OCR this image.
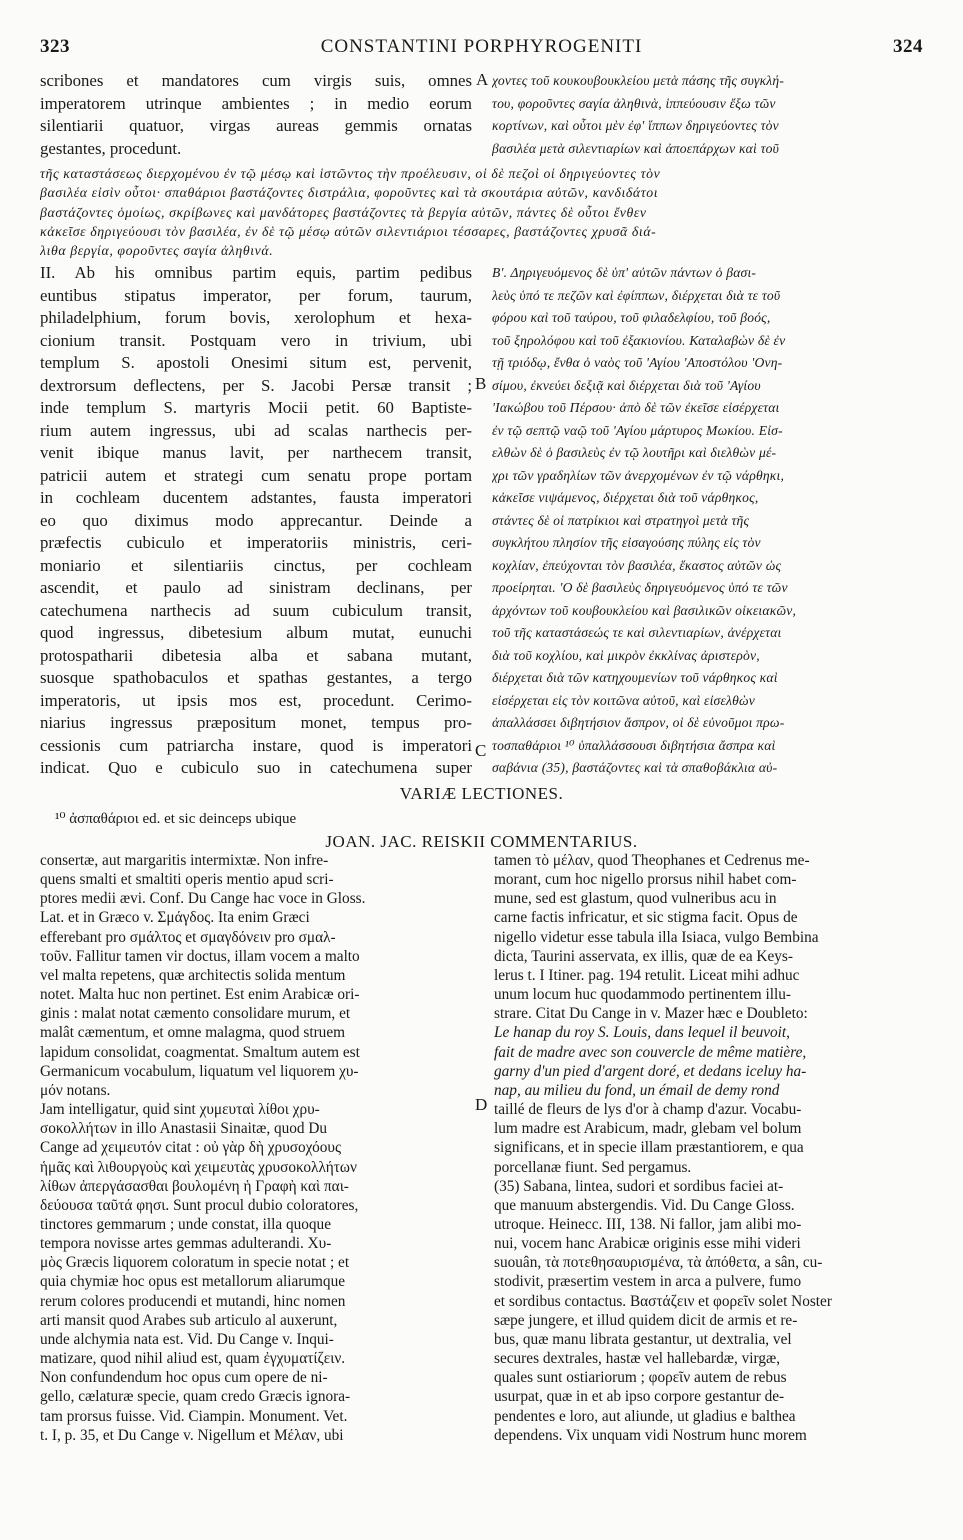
323	CONSTANTINI PORPHYROGENITI	324
scribones et mandatores cum virgis suis, omnes
imperatorem utrinque ambientes ; in medio eorum
silentiarii quatuor, virgas aureas gemmis ornatas
gestantes, procedunt.
χοντες τοῦ κουκουβουκλείου μετὰ πάσης τῆς συγκλή-
του, φοροῦντες σαγία ἀληθινὰ, ἱππεύουσιν ἔξω τῶν
κορτίνων, καὶ οὗτοι μὲν ἐφ' ἵππων δηριγεύοντες τὸν
βασιλέα μετὰ σιλεντιαρίων καὶ ἀποεπάρχων καὶ τοῦ
A
τῆς καταστάσεως διερχομένου ἐν τῷ μέσῳ καὶ ἱστῶντος τὴν προέλευσιν, οἱ δὲ πεζοὶ οἱ δηριγεύοντες τὸν
βασιλέα εἰσὶν οὗτοι· σπαθάριοι βαστάζοντες διστράλια, φοροῦντες καὶ τὰ σκουτάρια αὐτῶν, κανδιδάτοι
βαστάζοντες ὁμοίως, σκρίβωνες καὶ μανδάτορες βαστάζοντες τὰ βεργία αὐτῶν, πάντες δὲ οὗτοι ἔνθεν
κἀκεῖσε δηριγεύουσι τὸν βασιλέα, ἐν δὲ τῷ μέσῳ αὐτῶν σιλεντιάριοι τέσσαρες, βαστάζοντες χρυσᾶ διά-
λιθα βεργία, φοροῦντες σαγία ἀληθινά.
II. Ab his omnibus partim equis, partim pedibus
euntibus stipatus imperator, per forum, taurum,
philadelphium, forum bovis, xerolophum et hexa-
cionium transit. Postquam vero in trivium, ubi
templum S. apostoli Onesimi situm est, pervenit,
dextrorsum deflectens, per S. Jacobi Persæ transit ;
inde templum S. martyris Mocii petit. 60 Baptiste-
rium autem ingressus, ubi ad scalas narthecis per-
venit ibique manus lavit, per narthecem transit,
patricii autem et strategi cum senatu prope portam
in cochleam ducentem adstantes, fausta imperatori
eo quo diximus modo apprecantur. Deinde a
præfectis cubiculo et imperatoriis ministris, ceri-
moniario et silentiariis cinctus, per cochleam
ascendit, et paulo ad sinistram declinans, per
catechumena narthecis ad suum cubiculum transit,
quod ingressus, dibetesium album mutat, eunuchi
protospatharii dibetesia alba et sabana mutant,
suosque spathobaculos et spathas gestantes, a tergo
imperatoris, ut ipsis mos est, procedunt. Cerimo-
niarius ingressus præpositum monet, tempus pro-
cessionis cum patriarcha instare, quod is imperatori
indicat. Quo e cubiculo suo in catechumena super
Β'. Δηριγευόμενος δὲ ὑπ' αὐτῶν πάντων ὁ βασι-
λεὺς ὑπό τε πεζῶν καὶ ἐφίππων, διέρχεται διὰ τε τοῦ
φόρου καὶ τοῦ ταύρου, τοῦ φιλαδελφίου, τοῦ βοός,
τοῦ ξηρολόφου καὶ τοῦ ἐξακιονίου. Καταλαβὼν δὲ ἐν
τῇ τριόδῳ, ἔνθα ὁ ναὸς τοῦ 'Αγίου 'Αποστόλου 'Ονη-
σίμου, ἐκνεύει δεξιᾷ καὶ διέρχεται διὰ τοῦ 'Αγίου
'Ιακώβου τοῦ Πέρσου· ἀπὸ δὲ τῶν ἐκεῖσε εἰσέρχεται
ἐν τῷ σεπτῷ ναῷ τοῦ 'Αγίου μάρτυρος Μωκίου. Εἰσ-
ελθὼν δὲ ὁ βασιλεὺς ἐν τῷ λουτῆρι καὶ διελθὼν μέ-
χρι τῶν γραδηλίων τῶν ἀνερχομένων ἐν τῷ νάρθηκι,
κἀκεῖσε νιψάμενος, διέρχεται διὰ τοῦ νάρθηκος,
στάντες δὲ οἱ πατρίκιοι καὶ στρατηγοὶ μετὰ τῆς
συγκλήτου πλησίον τῆς εἰσαγούσης πύλης εἰς τὸν
κοχλίαν, ἐπεύχονται τὸν βασιλέα, ἕκαστος αὐτῶν ὡς
προείρηται. 'Ο δὲ βασιλεὺς δηριγευόμενος ὑπό τε τῶν
ἀρχόντων τοῦ κουβουκλείου καὶ βασιλικῶν οἰκειακῶν,
τοῦ τῆς καταστάσεώς τε καὶ σιλεντιαρίων, ἀνέρχεται
διὰ τοῦ κοχλίου, καὶ μικρὸν ἐκκλίνας ἀριστερὸν,
διέρχεται διὰ τῶν κατηχουμενίων τοῦ νάρθηκος καὶ
εἰσέρχεται εἰς τὸν κοιτῶνα αὐτοῦ, καὶ εἰσελθὼν
ἀπαλλάσσει διβητήσιον ἄσπρον, οἱ δὲ εὐνοῦμοι πρω-
τοσπαθάριοι ¹⁰ ὑπαλλάσσουσι διβητήσια ἄσπρα καὶ
σαβάνια (35), βαστάζοντες καὶ τὰ σπαθοβάκλια αὐ-
B
C
VARIÆ LECTIONES.
¹⁰ ἀσπαθάριοι ed. et sic deinceps ubique
JOAN. JAC. REISKII COMMENTARIUS.
consertæ, aut margaritis intermixtæ. Non infre-
quens smalti et smaltiti operis mentio apud scri-
ptores medii ævi. Conf. Du Cange hac voce in Gloss.
Lat. et in Græco v. Σμάγδος. Ita enim Græci
efferebant pro σμάλτος et σμαγδόνειν pro σμαλ-
τοῦν. Fallitur tamen vir doctus, illam vocem a malto
vel malta repetens, quæ architectis solida mentum
notet. Malta huc non pertinet. Est enim Arabicæ ori-
ginis : malat notat cæmento consolidare murum, et
malât cæmentum, et omne malagma, quod struem
lapidum consolidat, coagmentat. Smaltum autem est
Germanicum vocabulum, liquatum vel liquorem χυ-
μόν notans.
Jam intelligatur, quid sint χυμευταὶ λίθοι χρυ-
σοκολλήτων in illo Anastasii Sinaitæ, quod Du
Cange ad χειμευτόν citat : οὐ γὰρ δὴ χρυσοχόους
ἡμᾶς καὶ λιθουργοὺς καὶ χειμευτὰς χρυσοκολλήτων
λίθων ἀπεργάσασθαι βουλομένη ἡ Γραφὴ καὶ παι-
δεύουσα ταῦτά φησι. Sunt procul dubio coloratores,
tinctores gemmarum ; unde constat, illa quoque
tempora novisse artes gemmas adulterandi. Χυ-
μὸς Græcis liquorem coloratum in specie notat ; et
quia chymiæ hoc opus est metallorum aliarumque
rerum colores producendi et mutandi, hinc nomen
arti mansit quod Arabes sub articulo al auxerunt,
unde alchymia nata est. Vid. Du Cange v. Inqui-
matizare, quod nihil aliud est, quam ἐγχυματίζειν.
Non confundendum hoc opus cum opere de ni-
gello, cælaturæ specie, quam credo Græcis ignora-
tam prorsus fuisse. Vid. Ciampin. Monument. Vet.
t. I, p. 35, et Du Cange v. Nigellum et Μέλαν, ubi
tamen τὸ μέλαν, quod Theophanes et Cedrenus me-
morant, cum hoc nigello prorsus nihil habet com-
mune, sed est glastum, quod vulneribus acu in
carne factis infricatur, et sic stigma facit. Opus de
nigello videtur esse tabula illa Isiaca, vulgo Bembina
dicta, Taurini asservata, ex illis, quæ de ea Keys-
lerus t. I Itiner. pag. 194 retulit. Liceat mihi adhuc
unum locum huc quodammodo pertinentem illu-
strare. Citat Du Cange in v. Mazer hæc e Doubleto:
Le hanap du roy S. Louis, dans lequel il beuvoit,
fait de madre avec son couvercle de même matière,
garny d'un pied d'argent doré, et dedans iceluy ha-
nap, au milieu du fond, un émail de demy rond
taillé de fleurs de lys d'or à champ d'azur. Vocabu-
lum madre est Arabicum, madr, glebam vel bolum
significans, et in specie illam præstantiorem, e qua
porcellanæ fiunt. Sed pergamus.
(35) Sabana, lintea, sudori et sordibus faciei at-
que manuum abstergendis. Vid. Du Cange Gloss.
utroque. Heinecc. III, 138. Ni fallor, jam alibi mo-
nui, vocem hanc Arabicæ originis esse mihi videri
suouân, τὰ ποτεθησαυρισμένα, τὰ ἀπόθετα, a sân, cu-
stodivit, præsertim vestem in arca a pulvere, fumo
et sordibus contactus. Βαστάζειν et φορεῖν solet Noster
sæpe jungere, et illud quidem dicit de armis et re-
bus, quæ manu librata gestantur, ut dextralia, vel
secures dextrales, hastæ vel hallebardæ, virgæ,
quales sunt ostiariorum ; φορεῖν autem de rebus
usurpat, quæ in et ab ipso corpore gestantur de-
pendentes e loro, aut aliunde, ut gladius e balthea
dependens. Vix unquam vidi Nostrum hunc morem
D
